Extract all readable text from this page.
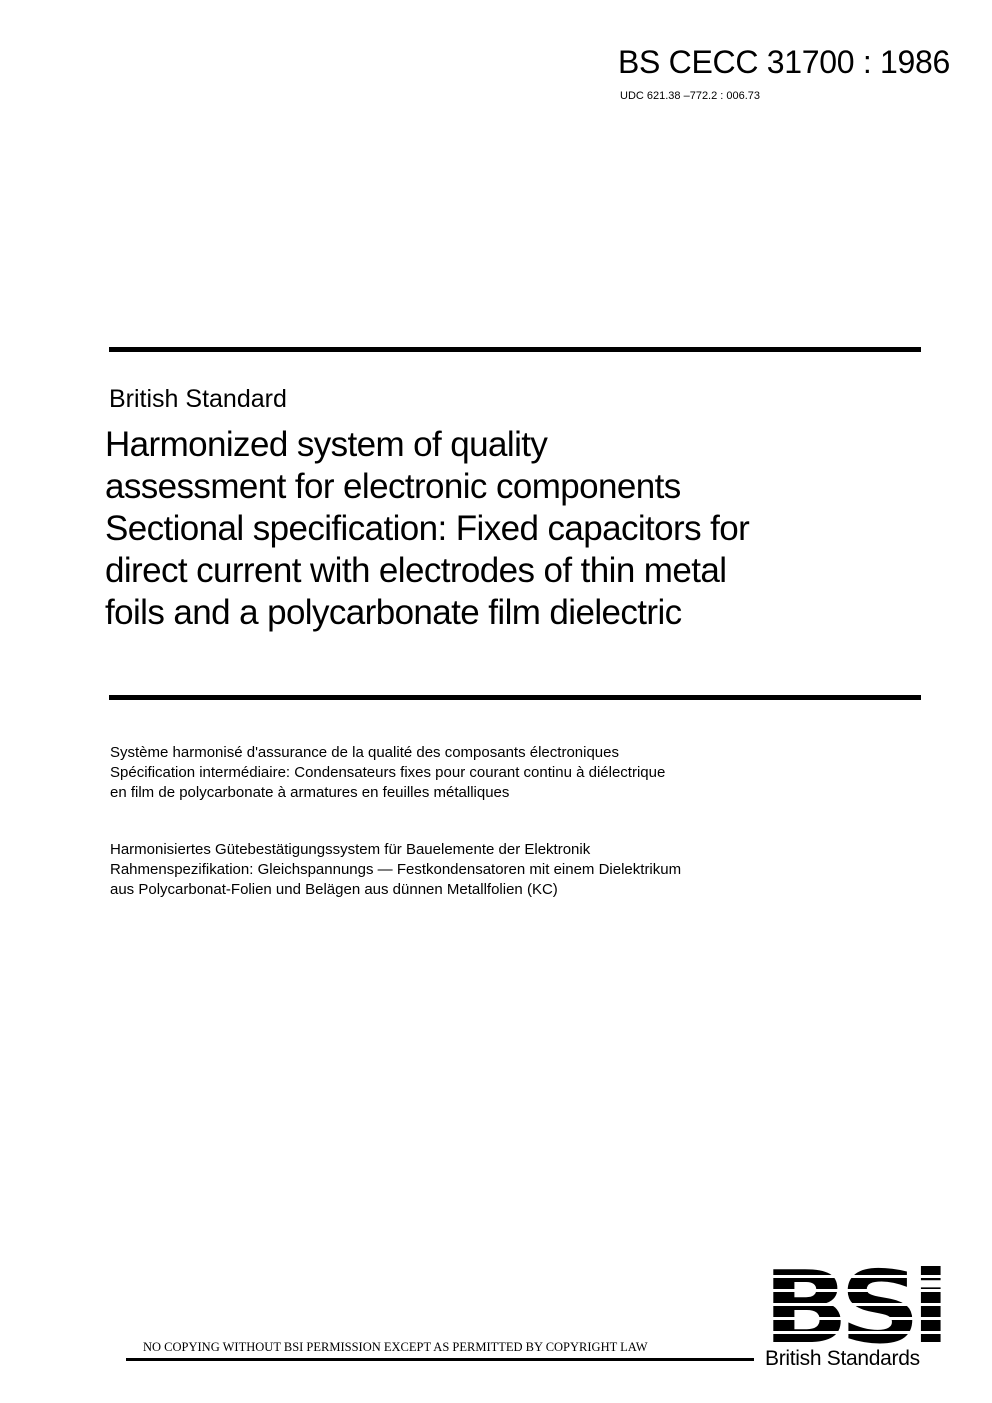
BS CECC 31700 : 1986
UDC 621.38 –772.2 : 006.73
British Standard
Harmonized system of quality
assessment for electronic components
Sectional specification: Fixed capacitors for
direct current with electrodes of thin metal
foils and a polycarbonate film dielectric
Système harmonisé d'assurance de la qualité des composants électroniques
Spécification intermédiaire: Condensateurs fixes pour courant continu à diélectrique
en film de polycarbonate à armatures en feuilles métalliques
Harmonisiertes Gütebestätigungssystem für Bauelemente der Elektronik
Rahmenspezifikation: Gleichspannungs — Festkondensatoren mit einem Dielektrikum
aus Polycarbonat-Folien und Belägen aus dünnen Metallfolien (KC)
NO COPYING WITHOUT BSI PERMISSION EXCEPT AS PERMITTED BY COPYRIGHT LAW	British Standards
